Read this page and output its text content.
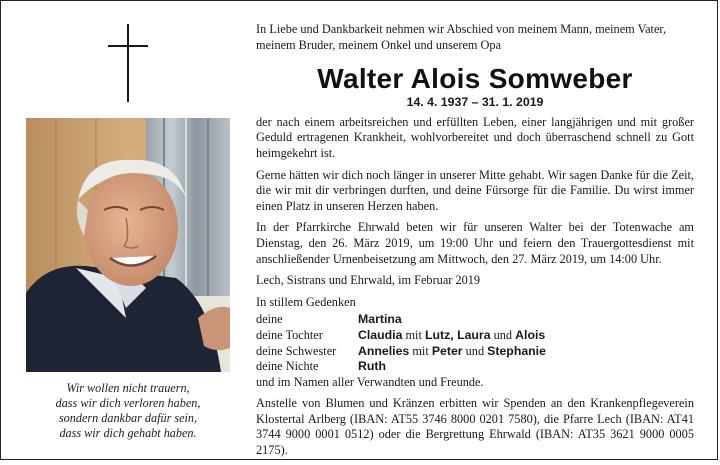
Wir wollen nicht trauern,
dass wir dich verloren haben,
sondern dankbar dafür sein,
dass wir dich gehabt haben.

In Liebe und Dankbarkeit nehmen wir Abschied von meinem Mann, meinem Vater, meinem Bruder, meinem Onkel und unserem Opa

Walter Alois Somweber
14. 4. 1937 – 31. 1. 2019

der nach einem arbeitsreichen und erfüllten Leben, einer langjährigen und mit großer Geduld ertragenen Krankheit, wohlvorbereitet und doch überraschend schnell zu Gott heimgekehrt ist.

Gerne hätten wir dich noch länger in unserer Mitte gehabt. Wir sagen Danke für die Zeit, die wir mit dir verbringen durften, und deine Fürsorge für die Familie. Du wirst immer einen Platz in unseren Herzen haben.

In der Pfarrkirche Ehrwald beten wir für unseren Walter bei der Totenwache am Dienstag, den 26. März 2019, um 19:00 Uhr und feiern den Trauergottesdienst mit anschließender Urnenbeisetzung am Mittwoch, den 27. März 2019, um 14:00 Uhr.

Lech, Sistrans und Ehrwald, im Februar 2019

In stillem Gedenken

deine	Martina
deine Tochter	Claudia mit Lutz, Laura und Alois
deine Schwester	Annelies mit Peter und Stephanie
deine Nichte	Ruth

und im Namen aller Verwandten und Freunde.

Anstelle von Blumen und Kränzen erbitten wir Spenden an den Krankenpflegeverein Klostertal Arlberg (IBAN: AT55 3746 8000 0201 7580), die Pfarre Lech (IBAN: AT41 3744 9000 0001 0512) oder die Bergrettung Ehrwald (IBAN: AT35 3621 9000 0005 2175).
